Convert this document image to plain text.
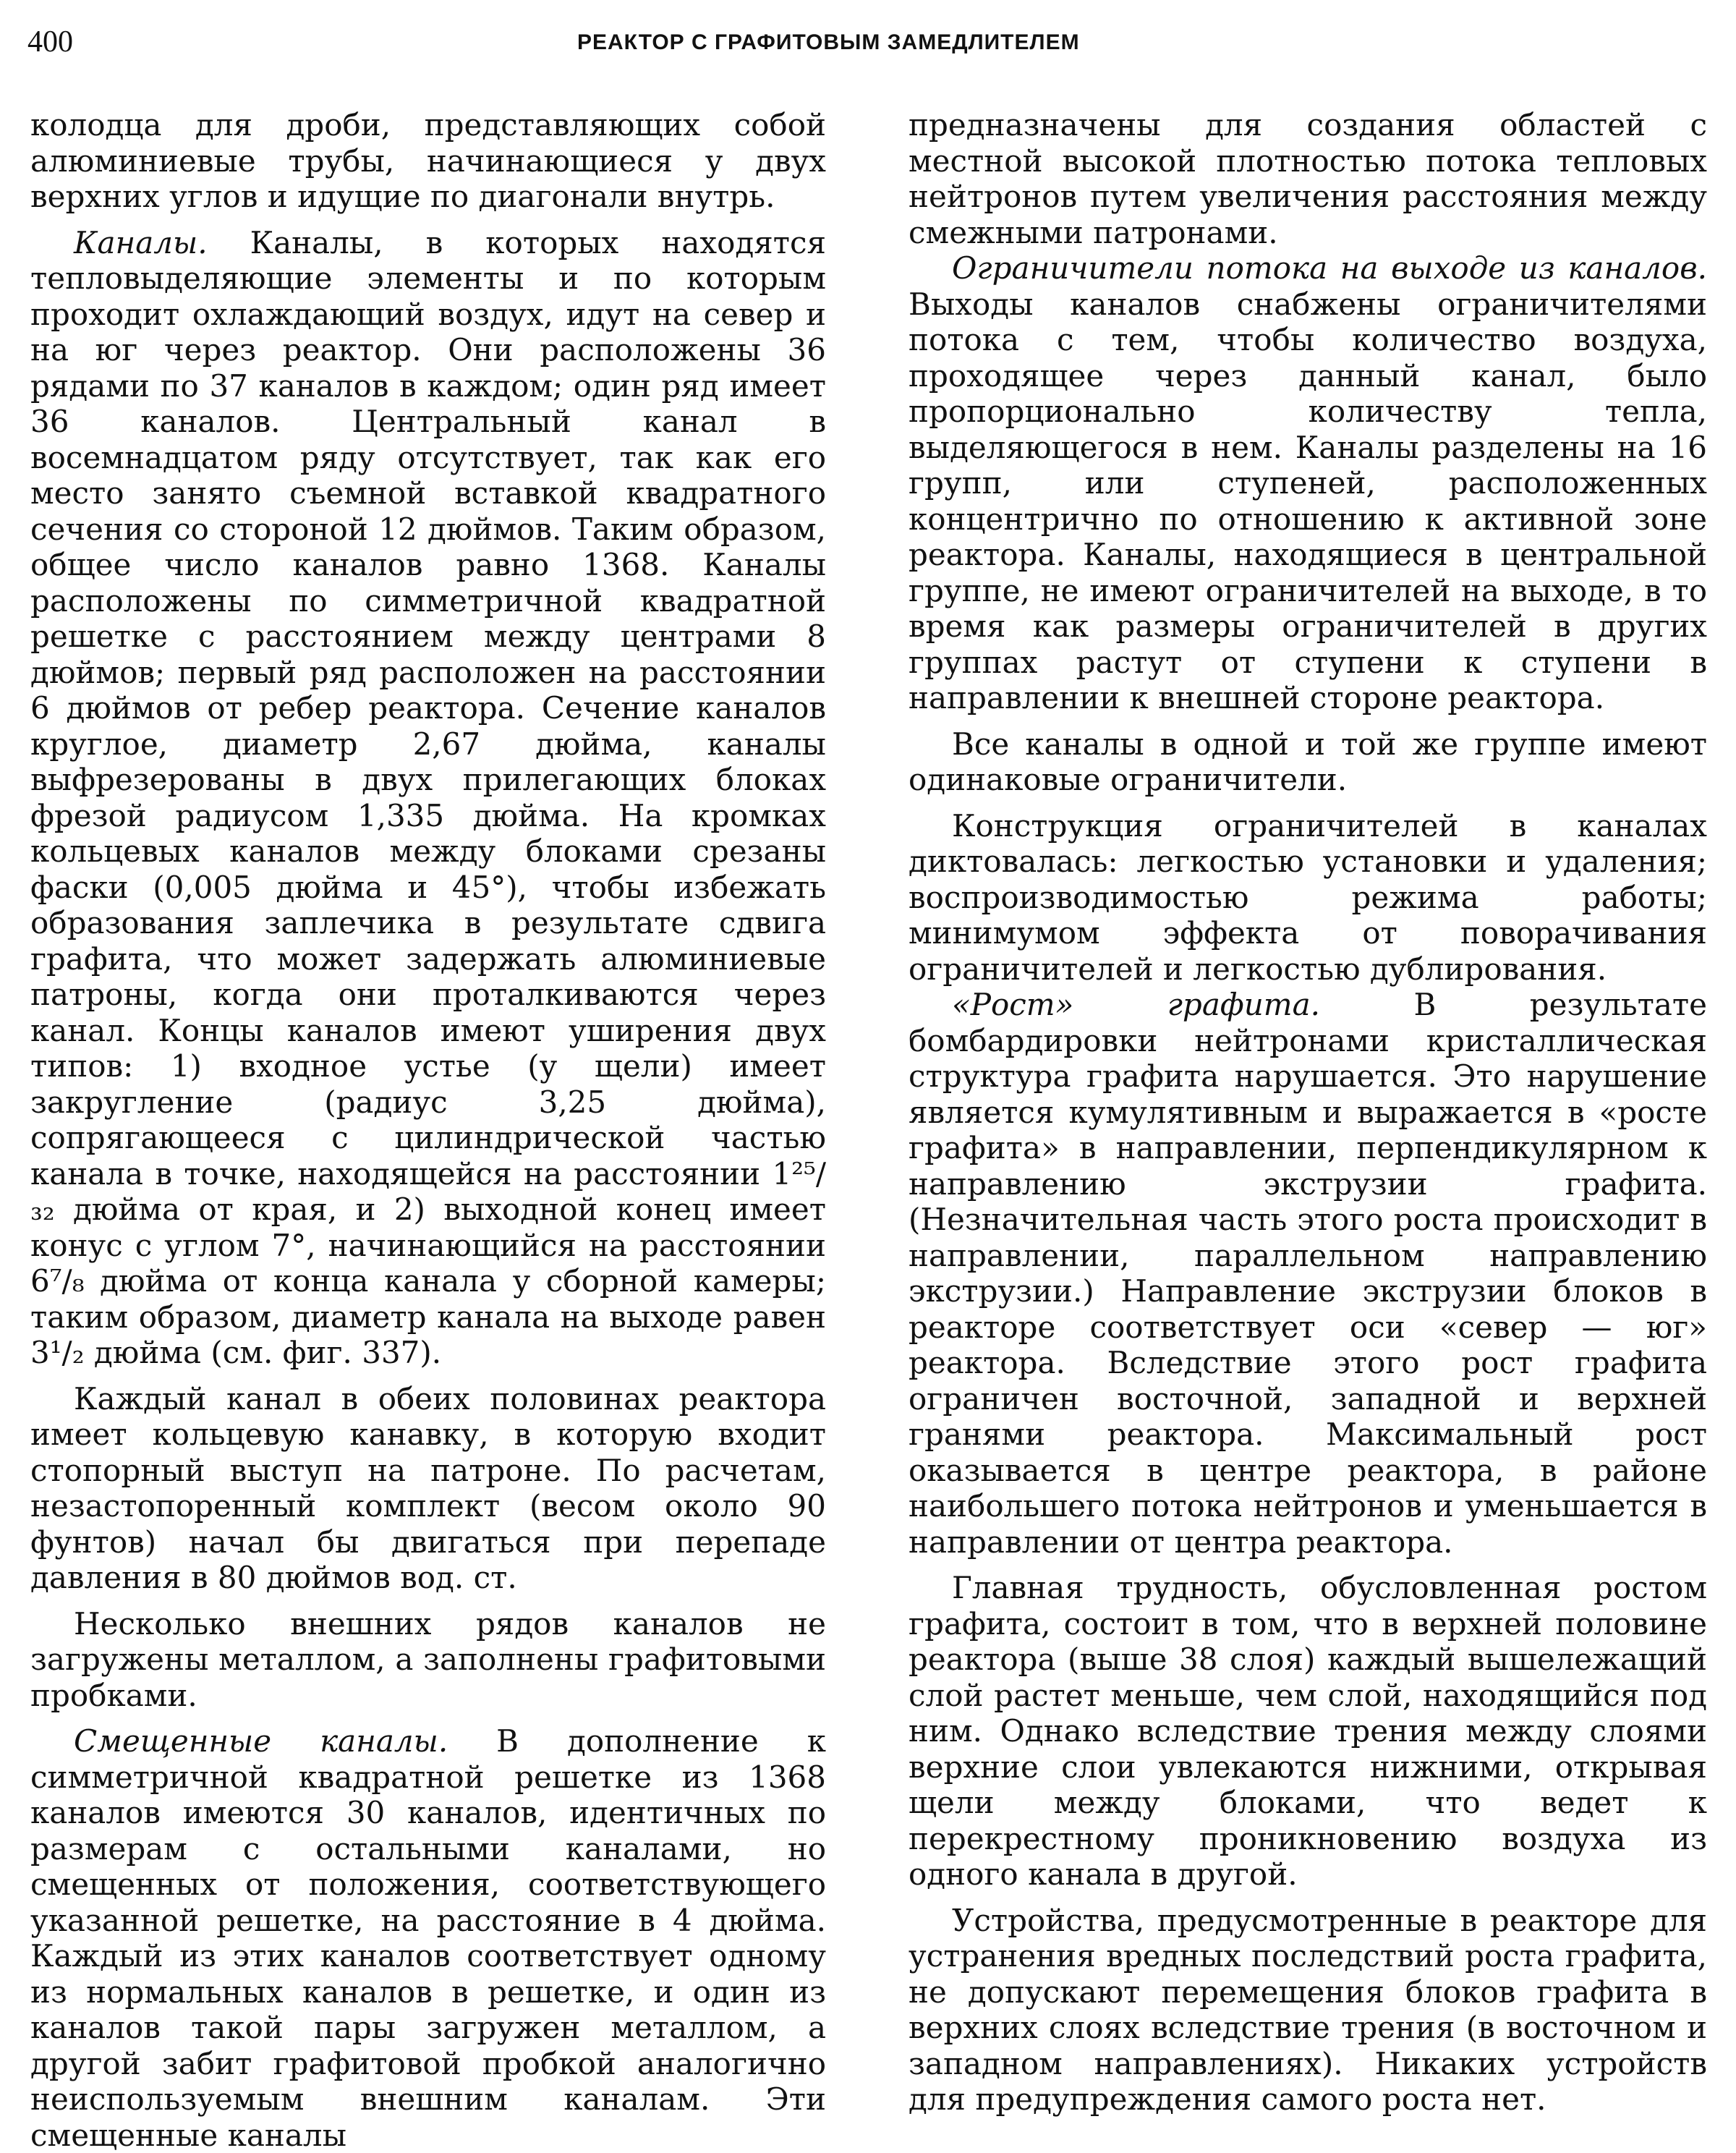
400	РЕАКТОР С ГРАФИТОВЫМ ЗАМЕДЛИТЕЛЕМ

колодца для дроби, представляющих собой алюминиевые трубы, начинающиеся у двух верхних углов и идущие по диагонали внутрь.

Каналы. Каналы, в которых находятся тепловыделяющие элементы и по которым проходит охлаждающий воздух, идут на север и на юг через реактор. Они расположены 36 рядами по 37 каналов в каждом; один ряд имеет 36 каналов. Центральный канал в восемнадцатом ряду отсутствует, так как его место занято съемной вставкой квадратного сечения со стороной 12 дюймов. Таким образом, общее число каналов равно 1368. Каналы расположены по симметричной квадратной решетке с расстоянием между центрами 8 дюймов; первый ряд расположен на расстоянии 6 дюймов от ребер реактора. Сечение каналов круглое, диаметр 2,67 дюйма, каналы выфрезерованы в двух прилегающих блоках фрезой радиусом 1,335 дюйма. На кромках кольцевых каналов между блоками срезаны фаски (0,005 дюйма и 45°), чтобы избежать образования заплечика в результате сдвига графита, что может задержать алюминиевые патроны, когда они проталкиваются через канал. Концы каналов имеют уширения двух типов: 1) входное устье (у щели) имеет закругление (радиус 3,25 дюйма), сопрягающееся с цилиндрической частью канала в точке, находящейся на расстоянии 1²⁵/₃₂ дюйма от края, и 2) выходной конец имеет конус с углом 7°, начинающийся на расстоянии 6⁷/₈ дюйма от конца канала у сборной камеры; таким образом, диаметр канала на выходе равен 3¹/₂ дюйма (см. фиг. 337).

Каждый канал в обеих половинах реактора имеет кольцевую канавку, в которую входит стопорный выступ на патроне. По расчетам, незастопоренный комплект (весом около 90 фунтов) начал бы двигаться при перепаде давления в 80 дюймов вод. ст.

Несколько внешних рядов каналов не загружены металлом, а заполнены графитовыми пробками.

Смещенные каналы. В дополнение к симметричной квадратной решетке из 1368 каналов имеются 30 каналов, идентичных по размерам с остальными каналами, но смещенных от положения, соответствующего указанной решетке, на расстояние в 4 дюйма. Каждый из этих каналов соответствует одному из нормальных каналов в решетке, и один из каналов такой пары загружен металлом, а другой забит графитовой пробкой аналогично неиспользуемым внешним каналам. Эти смещенные каналы

предназначены для создания областей с местной высокой плотностью потока тепловых нейтронов путем увеличения расстояния между смежными патронами.

Ограничители потока на выходе из каналов. Выходы каналов снабжены ограничителями потока с тем, чтобы количество воздуха, проходящее через данный канал, было пропорционально количеству тепла, выделяющегося в нем. Каналы разделены на 16 групп, или ступеней, расположенных концентрично по отношению к активной зоне реактора. Каналы, находящиеся в центральной группе, не имеют ограничителей на выходе, в то время как размеры ограничителей в других группах растут от ступени к ступени в направлении к внешней стороне реактора.

Все каналы в одной и той же группе имеют одинаковые ограничители.

Конструкция ограничителей в каналах диктовалась: легкостью установки и удаления; воспроизводимостью режима работы; минимумом эффекта от поворачивания ограничителей и легкостью дублирования.

«Рост» графита. В результате бомбардировки нейтронами кристаллическая структура графита нарушается. Это нарушение является кумулятивным и выражается в «росте графита» в направлении, перпендикулярном к направлению экструзии графита. (Незначительная часть этого роста происходит в направлении, параллельном направлению экструзии.) Направление экструзии блоков в реакторе соответствует оси «север — юг» реактора. Вследствие этого рост графита ограничен восточной, западной и верхней гранями реактора. Максимальный рост оказывается в центре реактора, в районе наибольшего потока нейтронов и уменьшается в направлении от центра реактора.

Главная трудность, обусловленная ростом графита, состоит в том, что в верхней половине реактора (выше 38 слоя) каждый вышележащий слой растет меньше, чем слой, находящийся под ним. Однако вследствие трения между слоями верхние слои увлекаются нижними, открывая щели между блоками, что ведет к перекрестному проникновению воздуха из одного канала в другой.

Устройства, предусмотренные в реакторе для устранения вредных последствий роста графита, не допускают перемещения блоков графита в верхних слоях вследствие трения (в восточном и западном направлениях). Никаких устройств для предупреждения самого роста нет.
